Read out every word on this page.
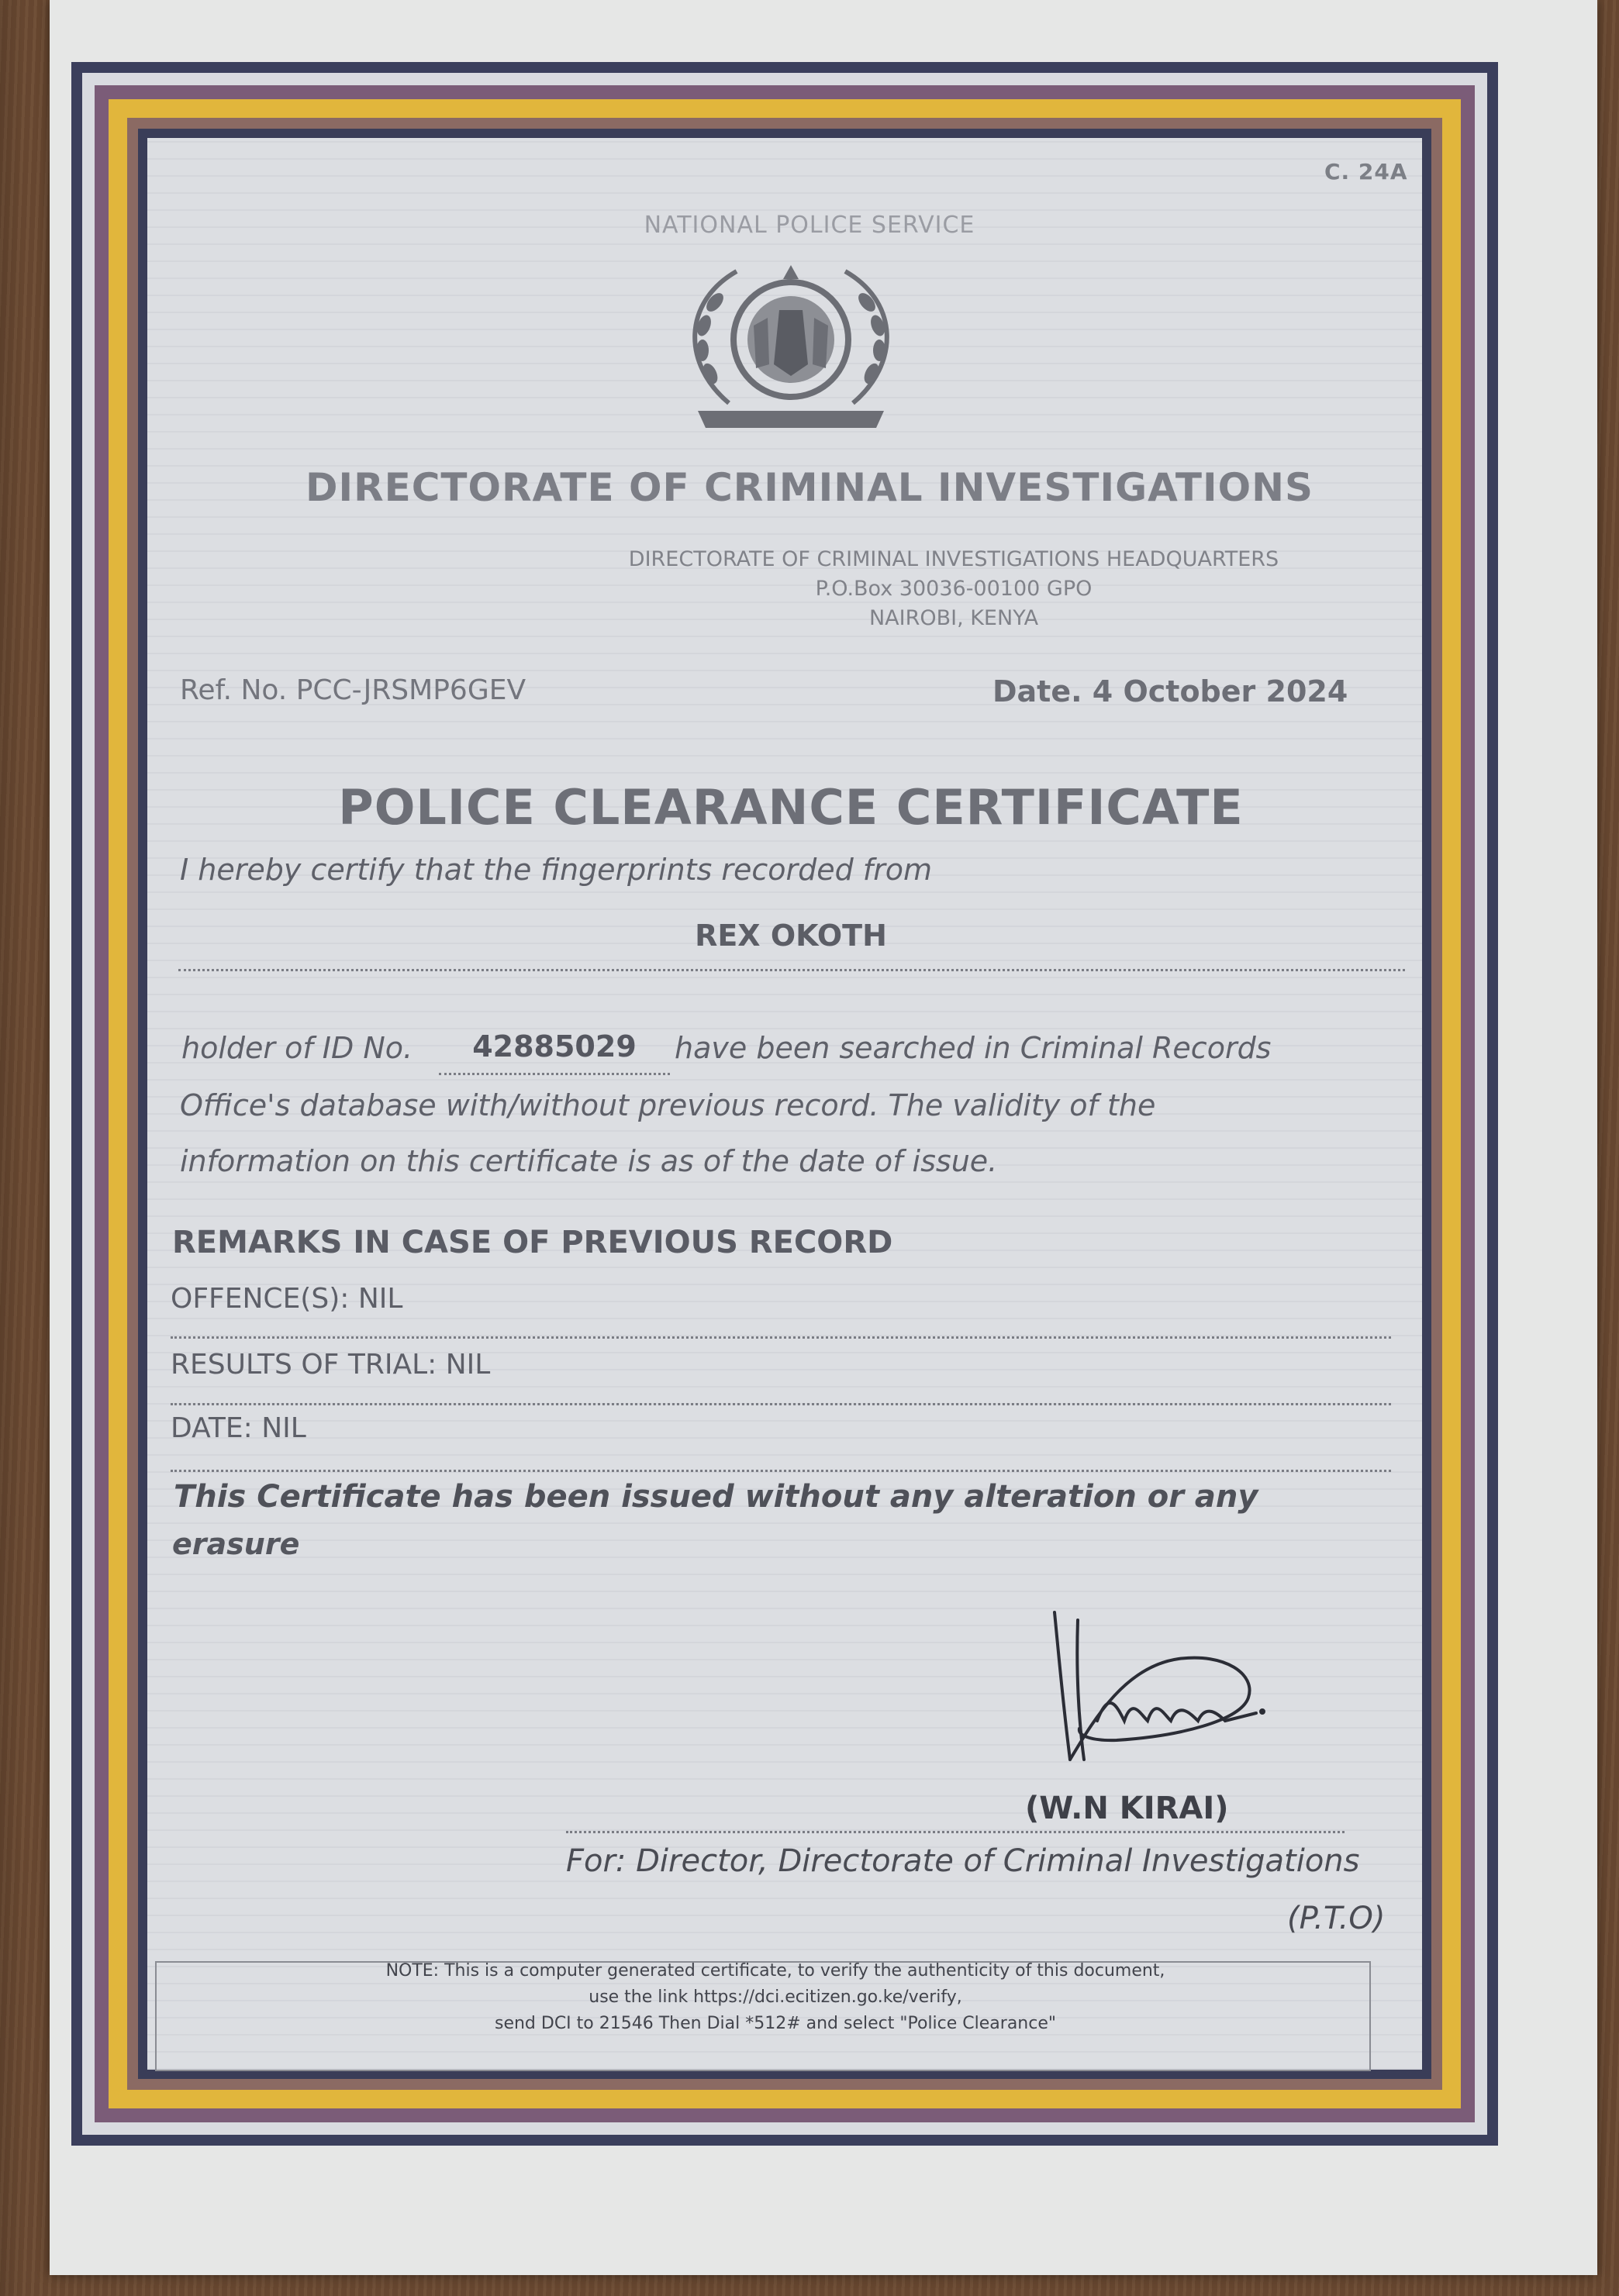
C. 24A
NATIONAL POLICE SERVICE
DIRECTORATE OF CRIMINAL INVESTIGATIONS
DIRECTORATE OF CRIMINAL INVESTIGATIONS HEADQUARTERS
P.O.Box 30036-00100 GPO
NAIROBI, KENYA
Ref. No. PCC-JRSMP6GEV	Date. 4 October 2024
POLICE CLEARANCE CERTIFICATE
I hereby certify that the fingerprints recorded from
REX OKOTH
holder of ID No.	42885029	have been searched in Criminal Records
Office's database with/without previous record. The validity of the
information on this certificate is as of the date of issue.
REMARKS IN CASE OF PREVIOUS RECORD
OFFENCE(S): NIL
RESULTS OF TRIAL: NIL
DATE: NIL
This Certificate has been issued without any alteration or any
erasure
(W.N KIRAI)
For: Director, Directorate of Criminal Investigations
(P.T.O)
NOTE: This is a computer generated certificate, to verify the authenticity of this document,
use the link https://dci.ecitizen.go.ke/verify,
send DCI to 21546 Then Dial *512# and select "Police Clearance"
